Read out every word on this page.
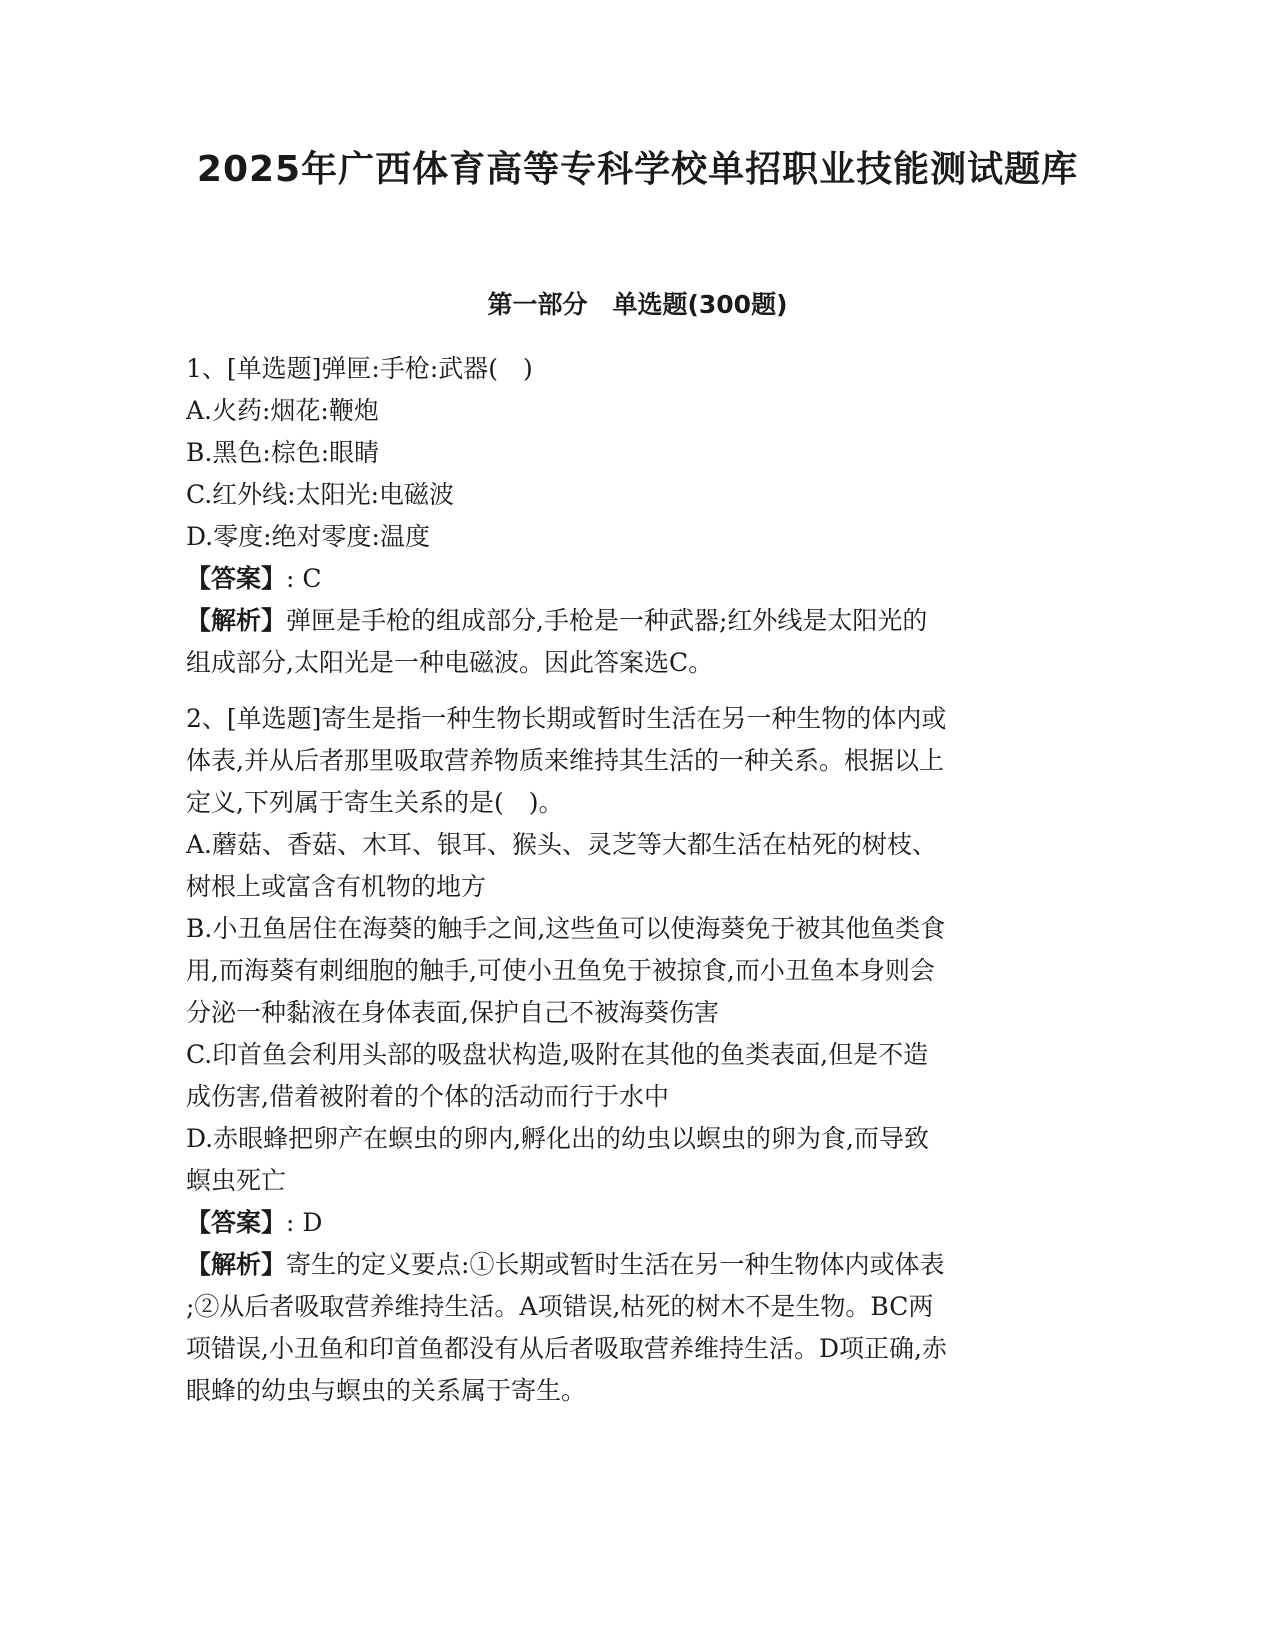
2025年广西体育高等专科学校单招职业技能测试题库
第一部分　单选题(300题)
1、[单选题]弹匣:手枪:武器(　)
A.火药:烟花:鞭炮
B.黑色:棕色:眼睛
C.红外线:太阳光:电磁波
D.零度:绝对零度:温度
【答案】: C
【解析】弹匣是手枪的组成部分,手枪是一种武器;红外线是太阳光的
组成部分,太阳光是一种电磁波。因此答案选C。
2、[单选题]寄生是指一种生物长期或暂时生活在另一种生物的体内或
体表,并从后者那里吸取营养物质来维持其生活的一种关系。根据以上
定义,下列属于寄生关系的是(　)。
A.蘑菇、香菇、木耳、银耳、猴头、灵芝等大都生活在枯死的树枝、
树根上或富含有机物的地方
B.小丑鱼居住在海葵的触手之间,这些鱼可以使海葵免于被其他鱼类食
用,而海葵有刺细胞的触手,可使小丑鱼免于被掠食,而小丑鱼本身则会
分泌一种黏液在身体表面,保护自己不被海葵伤害
C.印首鱼会利用头部的吸盘状构造,吸附在其他的鱼类表面,但是不造
成伤害,借着被附着的个体的活动而行于水中
D.赤眼蜂把卵产在螟虫的卵内,孵化出的幼虫以螟虫的卵为食,而导致
螟虫死亡
【答案】: D
【解析】寄生的定义要点:①长期或暂时生活在另一种生物体内或体表
;②从后者吸取营养维持生活。A项错误,枯死的树木不是生物。BC两
项错误,小丑鱼和印首鱼都没有从后者吸取营养维持生活。D项正确,赤
眼蜂的幼虫与螟虫的关系属于寄生。
